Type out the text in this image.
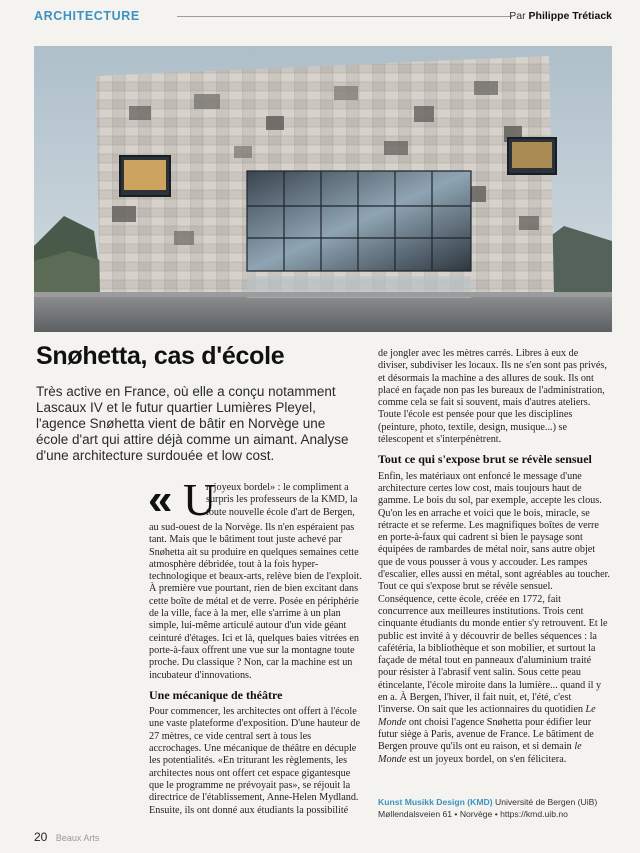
ARCHITECTURE	Par Philippe Trétiack
Snøhetta, cas d'école
Très active en France, où elle a conçu notamment Lascaux IV et le futur quartier Lumières Pleyel, l'agence Snøhetta vient de bâtir en Norvège une école d'art qui attire déjà comme un aimant. Analyse d'une architecture surdouée et low cost.
« U
n joyeux bordel» : le compliment a surpris les professeurs de la KMD, la toute nouvelle école d'art de Bergen,

au sud-ouest de la Norvège. Ils n'en espéraient pas tant. Mais que le bâtiment tout juste achevé par Snøhetta ait su produire en quelques semaines cette atmosphère débridée, tout à la fois hyper-technologique et beaux-arts, relève bien de l'exploit. À première vue pourtant, rien de bien excitant dans cette boîte de métal et de verre. Posée en périphérie de la ville, face à la mer, elle s'arrime à un plan simple, lui-même articulé autour d'un vide géant ceinturé d'étages. Ici et là, quelques baies vitrées en porte-à-faux offrent une vue sur la montagne toute proche. Du classique ? Non, car la machine est un incubateur d'innovations.

Une mécanique de théâtre

Pour commencer, les architectes ont offert à l'école une vaste plateforme d'exposition. D'une hauteur de 27 mètres, ce vide central sert à tous les accrochages. Une mécanique de théâtre en décuple les potentialités. «En triturant les règlements, les architectes nous ont offert cet espace gigantesque que le programme ne prévoyait pas», se réjouit la directrice de l'établissement, Anne-Helen Mydland. Ensuite, ils ont donné aux étudiants la possibilité

de jongler avec les mètres carrés. Libres à eux de diviser, subdiviser les locaux. Ils ne s'en sont pas privés, et désormais la machine a des allures de souk. Ils ont placé en façade non pas les bureaux de l'administration, comme cela se fait si souvent, mais d'autres ateliers. Toute l'école est pensée pour que les disciplines (peinture, photo, textile, design, musique...) se télescopent et s'interpénètrent.

Tout ce qui s'expose brut se révèle sensuel

Enfin, les matériaux ont enfoncé le message d'une architecture certes low cost, mais toujours haut de gamme. Le bois du sol, par exemple, accepte les clous. Qu'on les en arrache et voici que le bois, miracle, se rétracte et se referme. Les magnifiques boîtes de verre en porte-à-faux qui cadrent si bien le paysage sont équipées de rambardes de métal noir, sans autre objet que de vous pousser à vous y accouder. Les rampes d'escalier, elles aussi en métal, sont agréables au toucher. Tout ce qui s'expose brut se révèle sensuel. Conséquence, cette école, créée en 1772, fait concurrence aux meilleures institutions. Trois cent cinquante étudiants du monde entier s'y retrouvent. Et le public est invité à y découvrir de belles séquences : la cafétéria, la bibliothèque et son mobilier, et surtout la façade de métal tout en panneaux d'aluminium traité pour résister à l'abrasif vent salin. Sous cette peau étincelante, l'école miroite dans la lumière... quand il y en a. À Bergen, l'hiver, il fait nuit, et, l'été, c'est l'inverse. On sait que les actionnaires du quotidien Le Monde ont choisi l'agence Snøhetta pour édifier leur futur siège à Paris, avenue de France. Le bâtiment de Bergen prouve qu'ils ont eu raison, et si demain le Monde est un joyeux bordel, on s'en félicitera.

Kunst Musikk Design (KMD) Université de Bergen (UiB)
Møllendalsveien 61 • Norvège • https://kmd.uib.no
20 Beaux Arts
